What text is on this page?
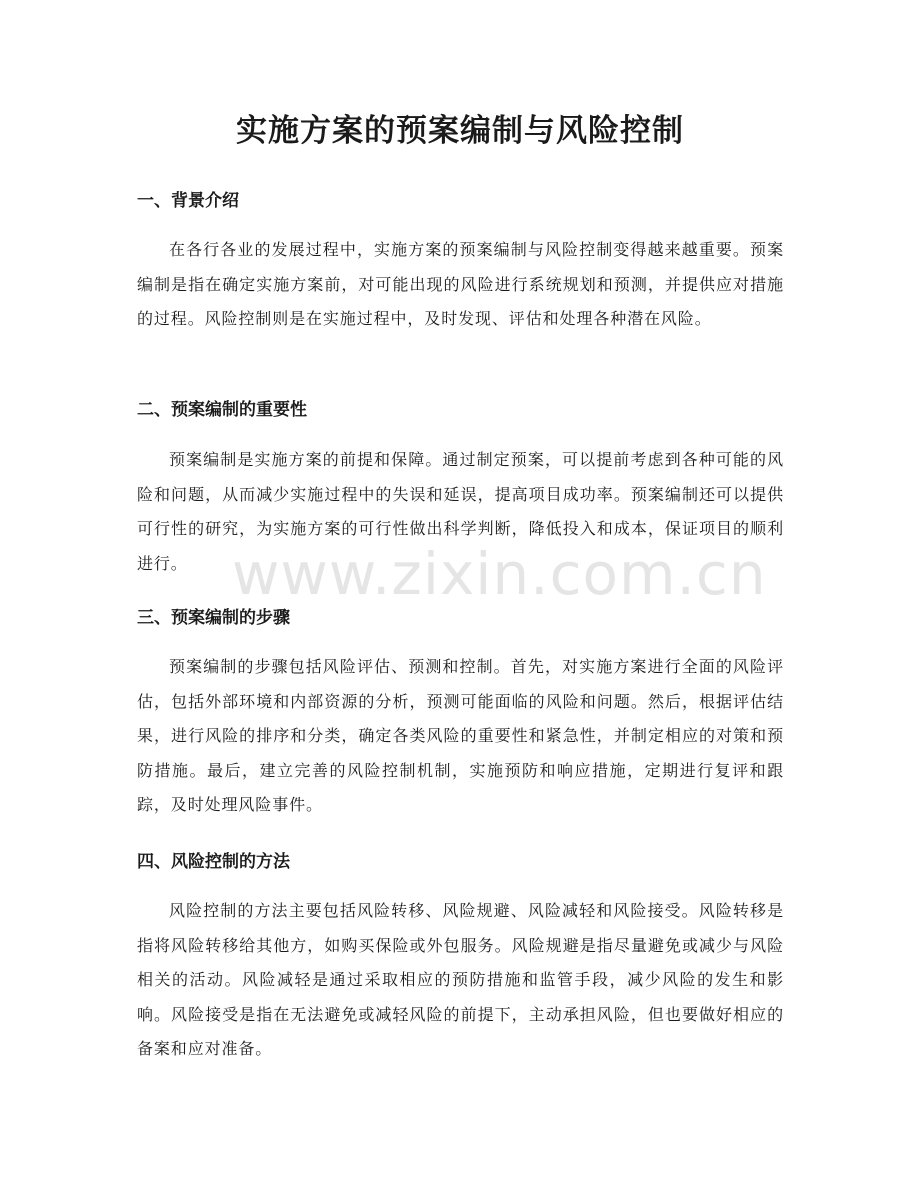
实施方案的预案编制与风险控制
一、背景介绍

在各行各业的发展过程中，实施方案的预案编制与风险控制变得越来越重要。预案编制是指在确定实施方案前，对可能出现的风险进行系统规划和预测，并提供应对措施的过程。风险控制则是在实施过程中，及时发现、评估和处理各种潜在风险。

二、预案编制的重要性

预案编制是实施方案的前提和保障。通过制定预案，可以提前考虑到各种可能的风险和问题，从而减少实施过程中的失误和延误，提高项目成功率。预案编制还可以提供可行性的研究，为实施方案的可行性做出科学判断，降低投入和成本，保证项目的顺利进行。

三、预案编制的步骤

预案编制的步骤包括风险评估、预测和控制。首先，对实施方案进行全面的风险评估，包括外部环境和内部资源的分析，预测可能面临的风险和问题。然后，根据评估结果，进行风险的排序和分类，确定各类风险的重要性和紧急性，并制定相应的对策和预防措施。最后，建立完善的风险控制机制，实施预防和响应措施，定期进行复评和跟踪，及时处理风险事件。

四、风险控制的方法

风险控制的方法主要包括风险转移、风险规避、风险减轻和风险接受。风险转移是指将风险转移给其他方，如购买保险或外包服务。风险规避是指尽量避免或减少与风险相关的活动。风险减轻是通过采取相应的预防措施和监管手段，减少风险的发生和影响。风险接受是指在无法避免或减轻风险的前提下，主动承担风险，但也要做好相应的备案和应对准备。

www.zixin.com.cn
